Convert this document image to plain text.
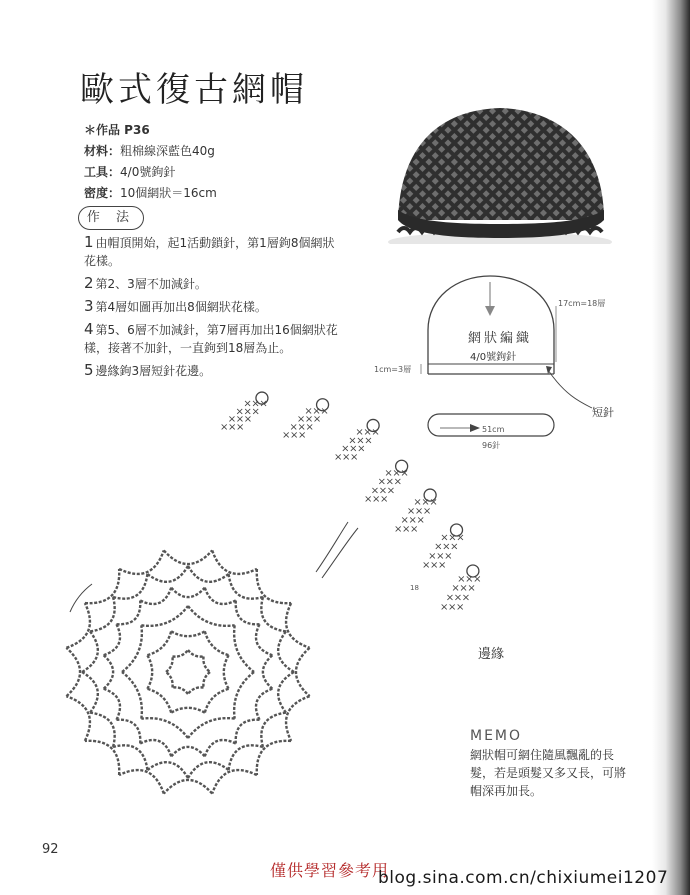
歐式復古網帽
＊作品 P36
材料：粗棉線深藍色40g
工具：4/0號鉤針
密度：10個網狀＝16cm
作 法
1 由帽頂開始，起1活動鎖針，第1層鉤8個網狀花樣。
2 第2、3層不加減針。
3 第4層如圖再加出8個網狀花樣。
4 第5、6層不加減針，第7層再加出16個網狀花樣，接著不加針，一直鉤到18層為止。
5 邊緣鉤3層短針花邊。
網狀編織
4/0號鉤針
17cm=18層
1cm=3層
短針
51cm
96針
× × ×
× × ×
× × ×
× × ×
× × ×
× × ×
× × ×
× × ×
× × ×
× × ×
× × ×
× × ×
× × ×
× × ×
× × ×
× × ×
× × ×
× × ×
× × ×
× × ×
× × ×
× × ×
× × ×
× × ×
× × ×
× × ×
× × ×
× × ×
邊緣
18
MEMO
網狀帽可網住隨風飄亂的長髮，若是頭髮又多又長，可將帽深再加長。
92
僅供學習參考用
blog.sina.com.cn/chixiumei1207
